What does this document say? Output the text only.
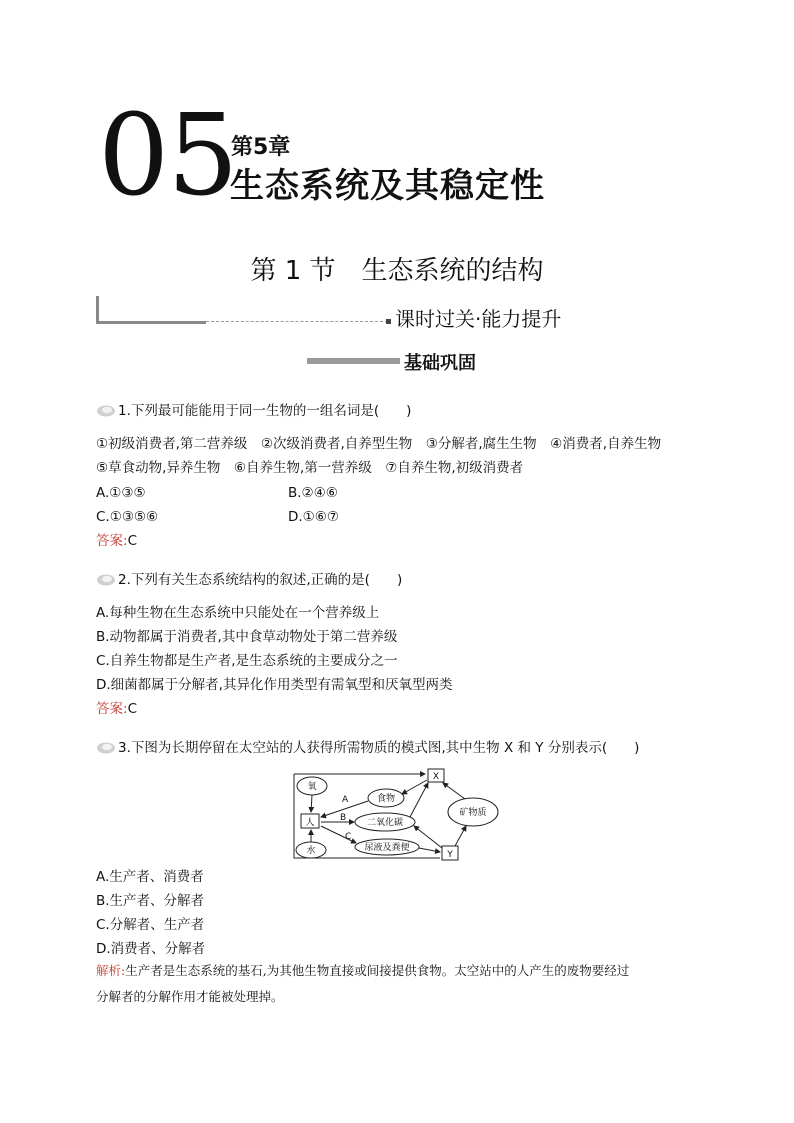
05
第5章
生态系统及其稳定性
第 1 节　生态系统的结构
课时过关·能力提升
基础巩固
1.下列最可能能用于同一生物的一组名词是(　　)
①初级消费者,第二营养级　②次级消费者,自养型生物　③分解者,腐生生物　④消费者,自养生物
⑤草食动物,异养生物　⑥自养生物,第一营养级　⑦自养生物,初级消费者
A.①③⑤	B.②④⑥
C.①③⑤⑥	D.①⑥⑦
答案:C
2.下列有关生态系统结构的叙述,正确的是(　　)
A.每种生物在生态系统中只能处在一个营养级上
B.动物都属于消费者,其中食草动物处于第二营养级
C.自养生物都是生产者,是生态系统的主要成分之一
D.细菌都属于分解者,其异化作用类型有需氧型和厌氧型两类
答案:C
3.下图为长期停留在太空站的人获得所需物质的模式图,其中生物 X 和 Y 分别表示(　　)
氧
人
水
食物
二氧化碳
尿液及粪便
X
Y
矿物质
A
B
C
A.生产者、消费者
B.生产者、分解者
C.分解者、生产者
D.消费者、分解者
解析:生产者是生态系统的基石,为其他生物直接或间接提供食物。太空站中的人产生的废物要经过
分解者的分解作用才能被处理掉。
